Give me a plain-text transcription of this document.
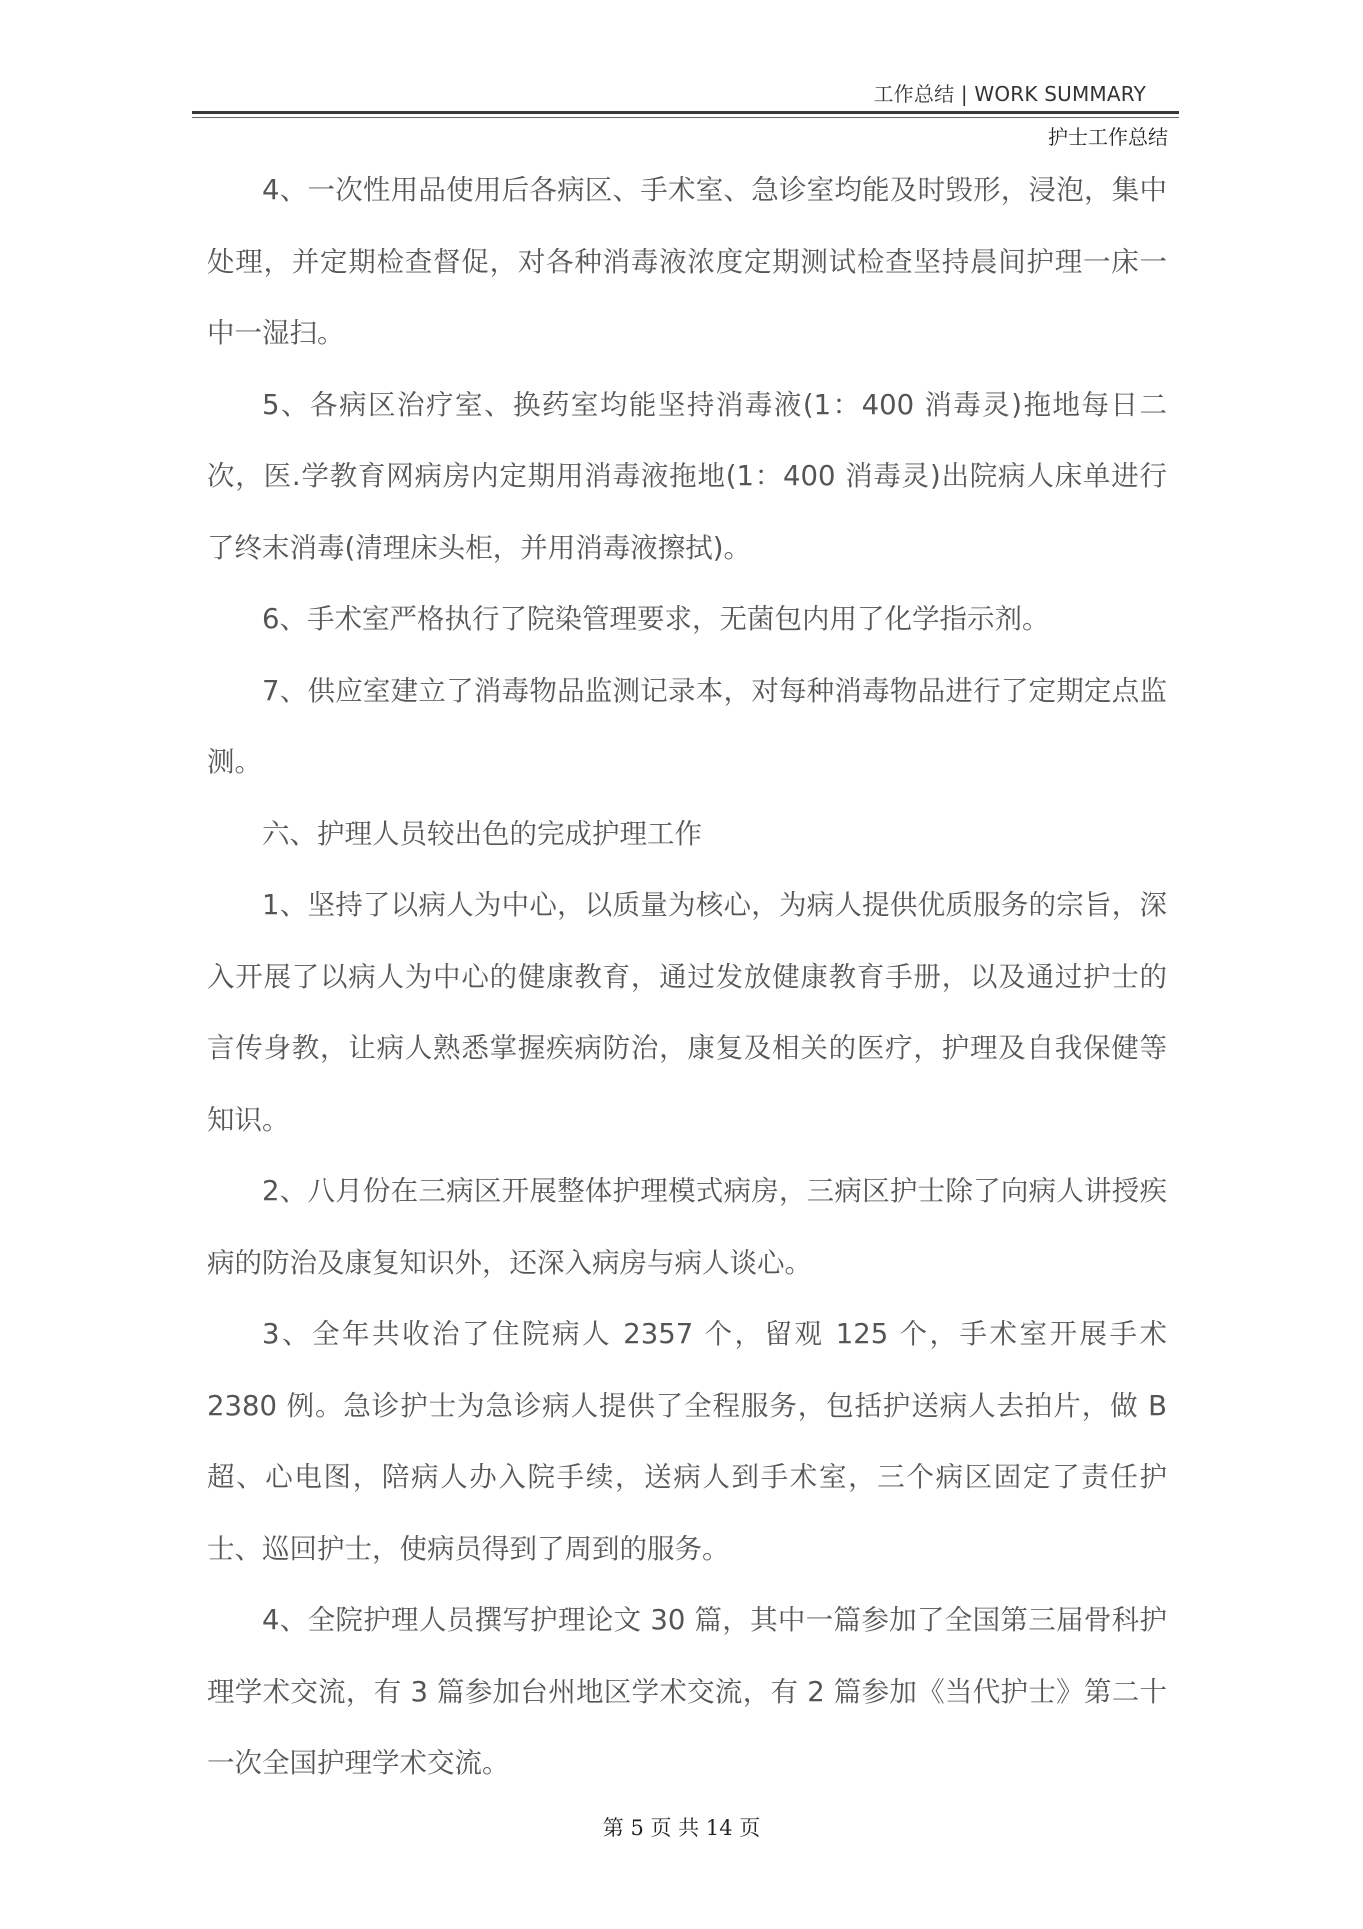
工作总结 | WORK SUMMARY
护士工作总结

4、一次性用品使用后各病区、手术室、急诊室均能及时毁形，浸泡，集中处理，并定期检查督促，对各种消毒液浓度定期测试检查坚持晨间护理一床一中一湿扫。

5、各病区治疗室、换药室均能坚持消毒液(1：400 消毒灵)拖地每日二次，医.学教育网病房内定期用消毒液拖地(1：400 消毒灵)出院病人床单进行了终末消毒(清理床头柜，并用消毒液擦拭)。

6、手术室严格执行了院染管理要求，无菌包内用了化学指示剂。

7、供应室建立了消毒物品监测记录本，对每种消毒物品进行了定期定点监测。

六、护理人员较出色的完成护理工作

1、坚持了以病人为中心，以质量为核心，为病人提供优质服务的宗旨，深入开展了以病人为中心的健康教育，通过发放健康教育手册，以及通过护士的言传身教，让病人熟悉掌握疾病防治，康复及相关的医疗，护理及自我保健等知识。

2、八月份在三病区开展整体护理模式病房，三病区护士除了向病人讲授疾病的防治及康复知识外，还深入病房与病人谈心。

3、全年共收治了住院病人 2357 个，留观 125 个，手术室开展手术 2380 例。急诊护士为急诊病人提供了全程服务，包括护送病人去拍片，做 B 超、心电图，陪病人办入院手续，送病人到手术室，三个病区固定了责任护士、巡回护士，使病员得到了周到的服务。

4、全院护理人员撰写护理论文 30 篇，其中一篇参加了全国第三届骨科护理学术交流，有 3 篇参加台州地区学术交流，有 2 篇参加《当代护士》第二十一次全国护理学术交流。

第 5 页 共 14 页
